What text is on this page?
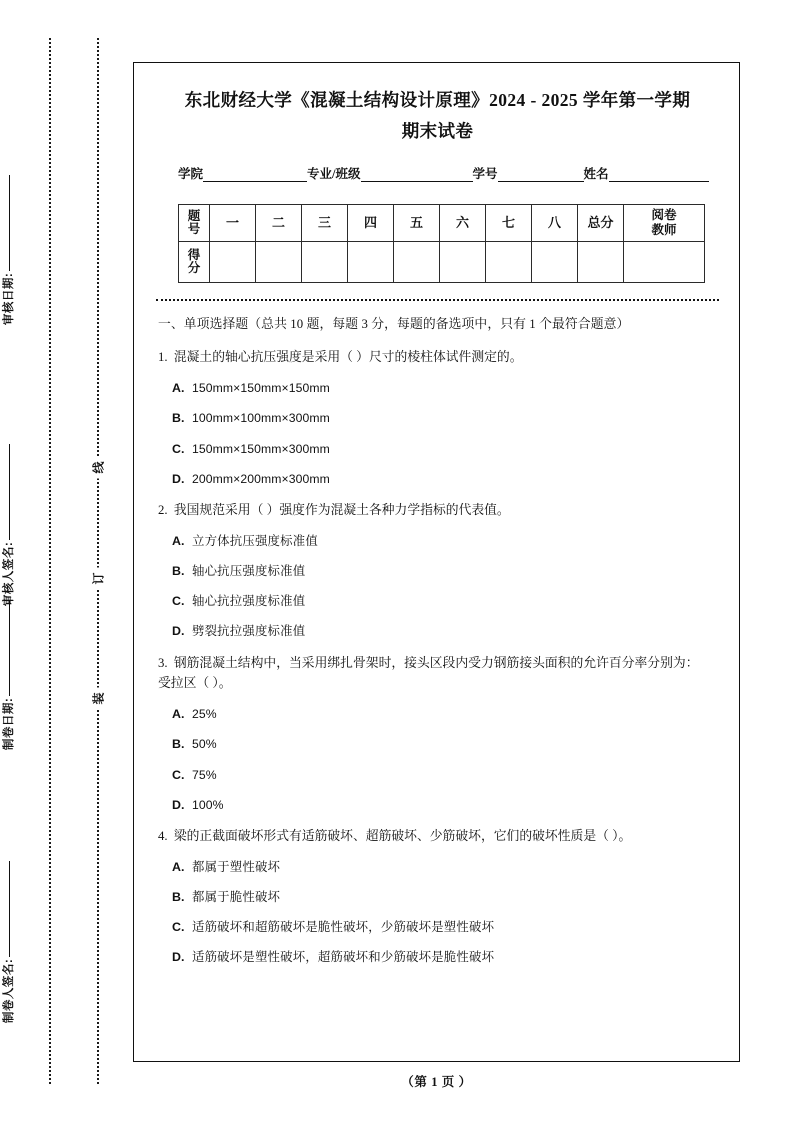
审核日期:
审核人签名:
制卷日期:
制卷人签名:
线
订
装
东北财经大学《混凝土结构设计原理》2024 - 2025 学年第一学期
期末试卷
学院	专业/班级	学号	姓名
题
号	一	二	三	四	五	六	七	八	总分	阅卷
教师

得
分										

一、单项选择题（总共 10 题，每题 3 分，每题的备选项中，只有 1 个最符合题意）
1. 混凝土的轴心抗压强度是采用（ ）尺寸的棱柱体试件测定的。
A. 150mm×150mm×150mm
B. 100mm×100mm×300mm
C. 150mm×150mm×300mm
D. 200mm×200mm×300mm
2. 我国规范采用（ ）强度作为混凝土各种力学指标的代表值。
A. 立方体抗压强度标准值
B. 轴心抗压强度标准值
C. 轴心抗拉强度标准值
D. 劈裂抗拉强度标准值
3. 钢筋混凝土结构中，当采用绑扎骨架时，接头区段内受力钢筋接头面积的允许百分率分别为：受拉区（ ）。
A. 25%
B. 50%
C. 75%
D. 100%
4. 梁的正截面破坏形式有适筋破坏、超筋破坏、少筋破坏，它们的破坏性质是（ ）。
A. 都属于塑性破坏
B. 都属于脆性破坏
C. 适筋破坏和超筋破坏是脆性破坏，少筋破坏是塑性破坏
D. 适筋破坏是塑性破坏，超筋破坏和少筋破坏是脆性破坏
（第 1 页 ）
